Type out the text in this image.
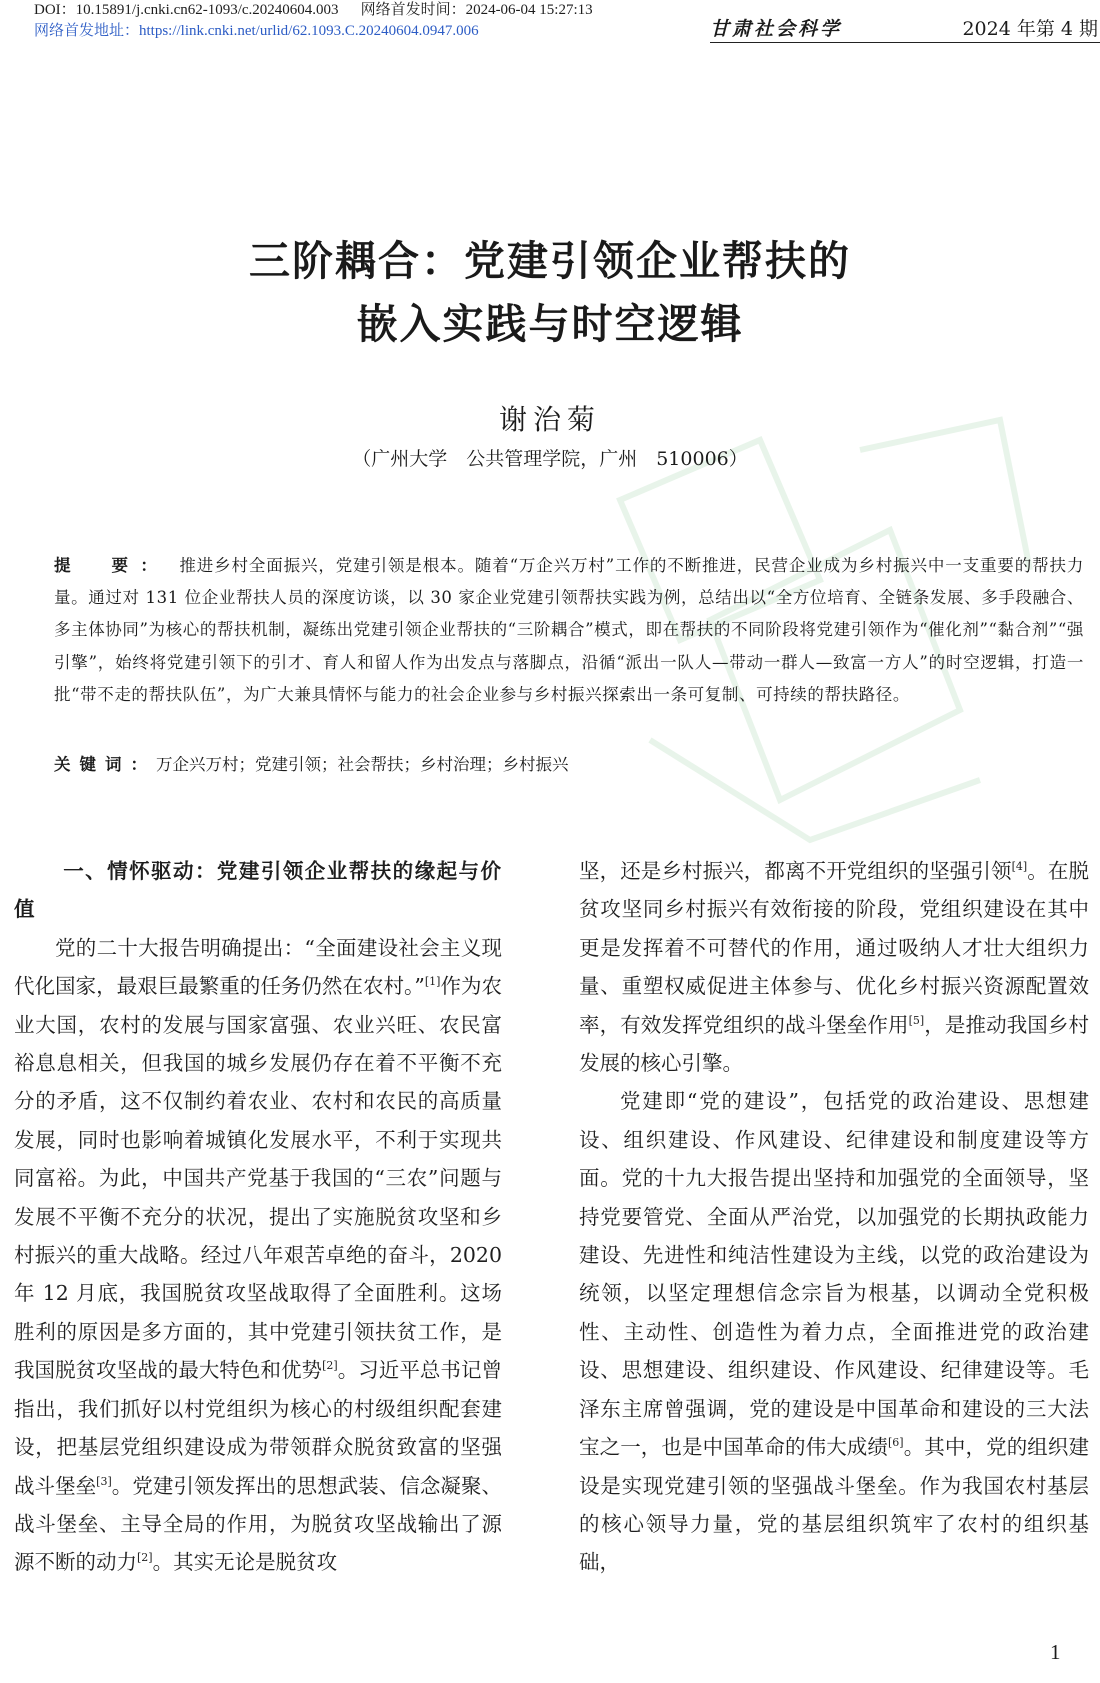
DOI：10.15891/j.cnki.cn62-1093/c.20240604.003 网络首发时间：2024-06-04 15:27:13
网络首发地址：https://link.cnki.net/urlid/62.1093.C.20240604.0947.006	甘肃社会科学	2024 年第 4 期
三阶耦合：党建引领企业帮扶的
嵌入实践与时空逻辑
谢治菊
（广州大学　公共管理学院，广州　510006）
提　要： 推进乡村全面振兴，党建引领是根本。随着“万企兴万村”工作的不断推进，民营企业成为乡村振兴中一支重要的帮扶力量。通过对 131 位企业帮扶人员的深度访谈，以 30 家企业党建引领帮扶实践为例，总结出以“全方位培育、全链条发展、多手段融合、多主体协同”为核心的帮扶机制，凝练出党建引领企业帮扶的“三阶耦合”模式，即在帮扶的不同阶段将党建引领作为“催化剂”“黏合剂”“强引擎”，始终将党建引领下的引才、育人和留人作为出发点与落脚点，沿循“派出一队人—带动一群人—致富一方人”的时空逻辑，打造一批“带不走的帮扶队伍”，为广大兼具情怀与能力的社会企业参与乡村振兴探索出一条可复制、可持续的帮扶路径。
关键词：万企兴万村；党建引领；社会帮扶；乡村治理；乡村振兴
一、情怀驱动：党建引领企业帮扶的缘起与价值

党的二十大报告明确提出：“全面建设社会主义现代化国家，最艰巨最繁重的任务仍然在农村。”[1]作为农业大国，农村的发展与国家富强、农业兴旺、农民富裕息息相关，但我国的城乡发展仍存在着不平衡不充分的矛盾，这不仅制约着农业、农村和农民的高质量发展，同时也影响着城镇化发展水平，不利于实现共同富裕。为此，中国共产党基于我国的“三农”问题与发展不平衡不充分的状况，提出了实施脱贫攻坚和乡村振兴的重大战略。经过八年艰苦卓绝的奋斗，2020 年 12 月底，我国脱贫攻坚战取得了全面胜利。这场胜利的原因是多方面的，其中党建引领扶贫工作，是我国脱贫攻坚战的最大特色和优势[2]。习近平总书记曾指出，我们抓好以村党组织为核心的村级组织配套建设，把基层党组织建设成为带领群众脱贫致富的坚强战斗堡垒[3]。党建引领发挥出的思想武装、信念凝聚、战斗堡垒、主导全局的作用，为脱贫攻坚战输出了源源不断的动力[2]。其实无论是脱贫攻

坚，还是乡村振兴，都离不开党组织的坚强引领[4]。在脱贫攻坚同乡村振兴有效衔接的阶段，党组织建设在其中更是发挥着不可替代的作用，通过吸纳人才壮大组织力量、重塑权威促进主体参与、优化乡村振兴资源配置效率，有效发挥党组织的战斗堡垒作用[5]，是推动我国乡村发展的核心引擎。

党建即“党的建设”，包括党的政治建设、思想建设、组织建设、作风建设、纪律建设和制度建设等方面。党的十九大报告提出坚持和加强党的全面领导，坚持党要管党、全面从严治党，以加强党的长期执政能力建设、先进性和纯洁性建设为主线，以党的政治建设为统领，以坚定理想信念宗旨为根基，以调动全党积极性、主动性、创造性为着力点，全面推进党的政治建设、思想建设、组织建设、作风建设、纪律建设等。毛泽东主席曾强调，党的建设是中国革命和建设的三大法宝之一，也是中国革命的伟大成绩[6]。其中，党的组织建设是实现党建引领的坚强战斗堡垒。作为我国农村基层的核心领导力量，党的基层组织筑牢了农村的组织基础，

1
